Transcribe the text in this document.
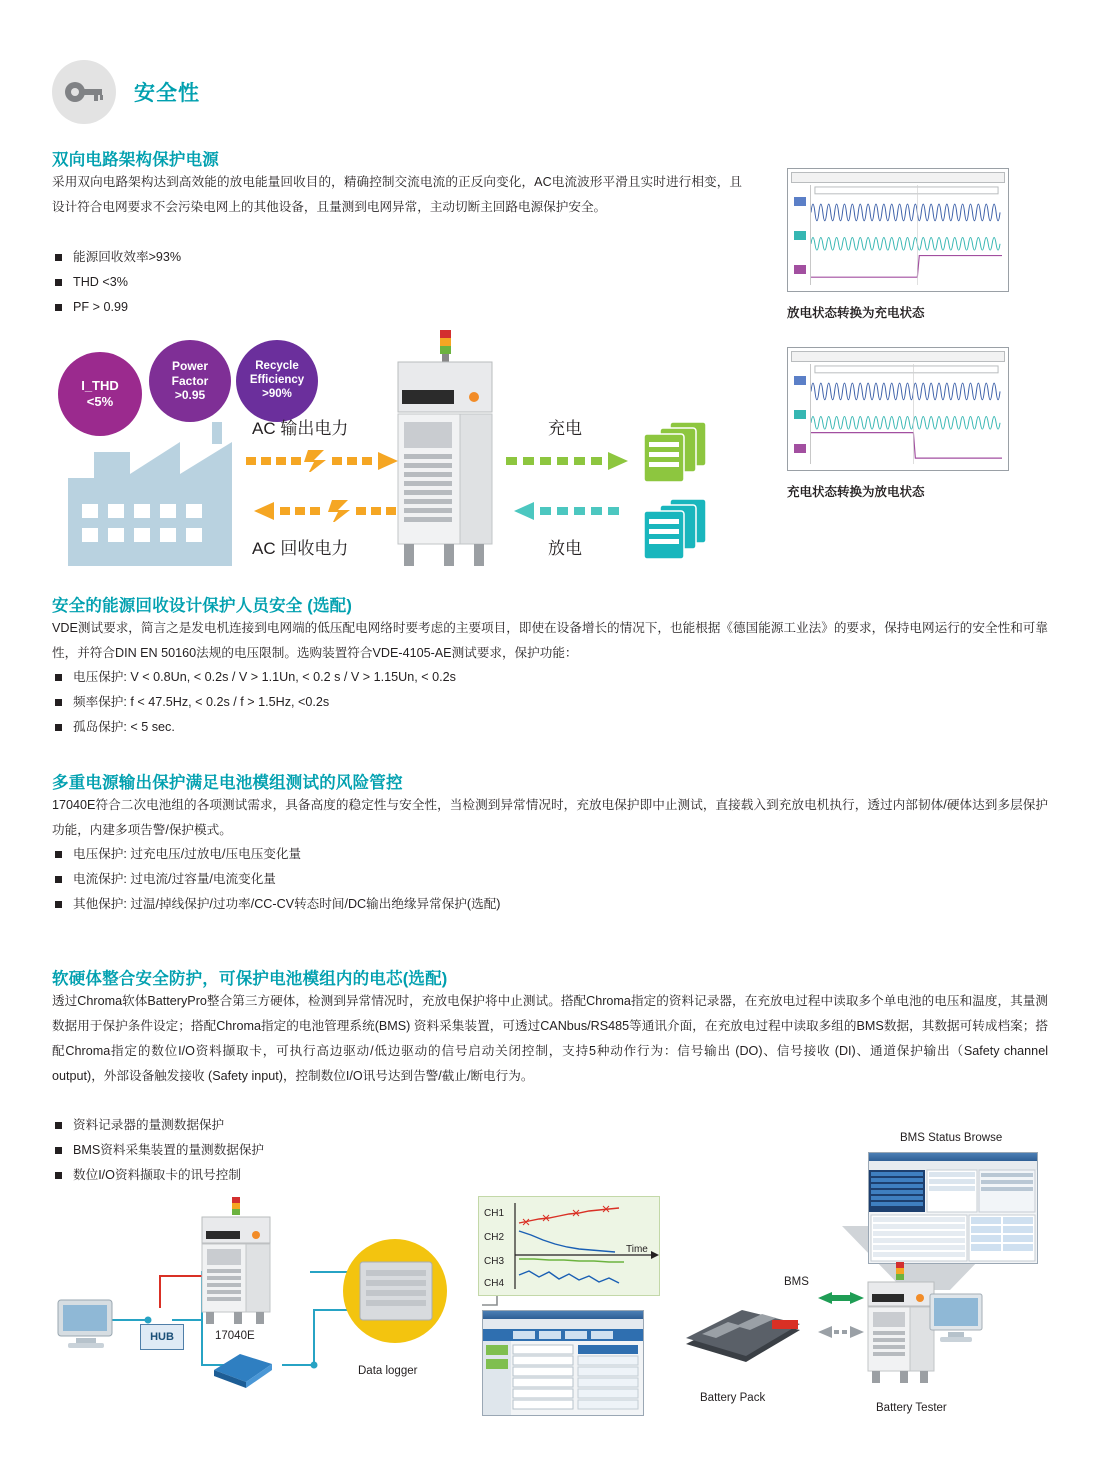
安全性
双向电路架构保护电源
采用双向电路架构达到高效能的放电能量回收目的，精确控制交流电流的正反向变化，AC电流波形平滑且实时进行相变，且设计符合电网要求不会污染电网上的其他设备，且量测到电网异常，主动切断主回路电源保护安全。
能源回收效率>93%
THD <3%
PF > 0.99	放电状态转换为充电状态
充电状态转换为放电状态
I_THD
<5%
Power
Factor
>0.95
Recycle
Efficiency
>90%
AC 输出电力
AC 回收电力
充电
放电
安全的能源回收设计保护人员安全 (选配)
VDE测试要求，简言之是发电机连接到电网端的低压配电网络时要考虑的主要项目，即使在设备增长的情况下，也能根据《德国能源工业法》的要求，保持电网运行的安全性和可靠性，并符合DIN EN 50160法规的电压限制。选购装置符合VDE-4105-AE测试要求，保护功能：
电压保护: V < 0.8Un, < 0.2s / V > 1.1Un, < 0.2 s / V > 1.15Un, < 0.2s
频率保护: f < 47.5Hz, < 0.2s / f > 1.5Hz, <0.2s
孤岛保护: < 5 sec.
多重电源输出保护满足电池模组测试的风险管控
17040E符合二次电池组的各项测试需求，具备高度的稳定性与安全性，当检测到异常情况时，充放电保护即中止测试，直接载入到充放电机执行，透过内部韧体/硬体达到多层保护功能，内建多项告警/保护模式。
电压保护: 过充电压/过放电/压电压变化量
电流保护: 过电流/过容量/电流变化量
其他保护: 过温/掉线保护/过功率/CC-CV转态时间/DC输出绝缘异常保护(选配)
软硬体整合安全防护，可保护电池模组内的电芯(选配)
透过Chroma软体BatteryPro整合第三方硬体，检测到异常情况时，充放电保护将中止测试。搭配Chroma指定的资料记录器，在充放电过程中读取多个单电池的电压和温度，其量测数据用于保护条件设定；搭配Chroma指定的电池管理系统(BMS) 资料采集装置，可透过CANbus/RS485等通讯介面，在充放电过程中读取多组的BMS数据，其数据可转成档案；搭配Chroma指定的数位I/O资料撷取卡，可执行高边驱动/低边驱动的信号启动关闭控制，支持5种动作行为：信号输出 (DO)、信号接收 (DI)、通道保护输出（Safety channel output)，外部设备触发接收 (Safety input)，控制数位I/O讯号达到告警/截止/断电行为。
资料记录器的量测数据保护
BMS资料采集装置的量测数据保护
数位I/O资料撷取卡的讯号控制
HUB	17040E
Data logger
CH1
CH2
CH3
CH4
Time
BMS Status Browse
Battery Pack
BMS
Battery Tester
